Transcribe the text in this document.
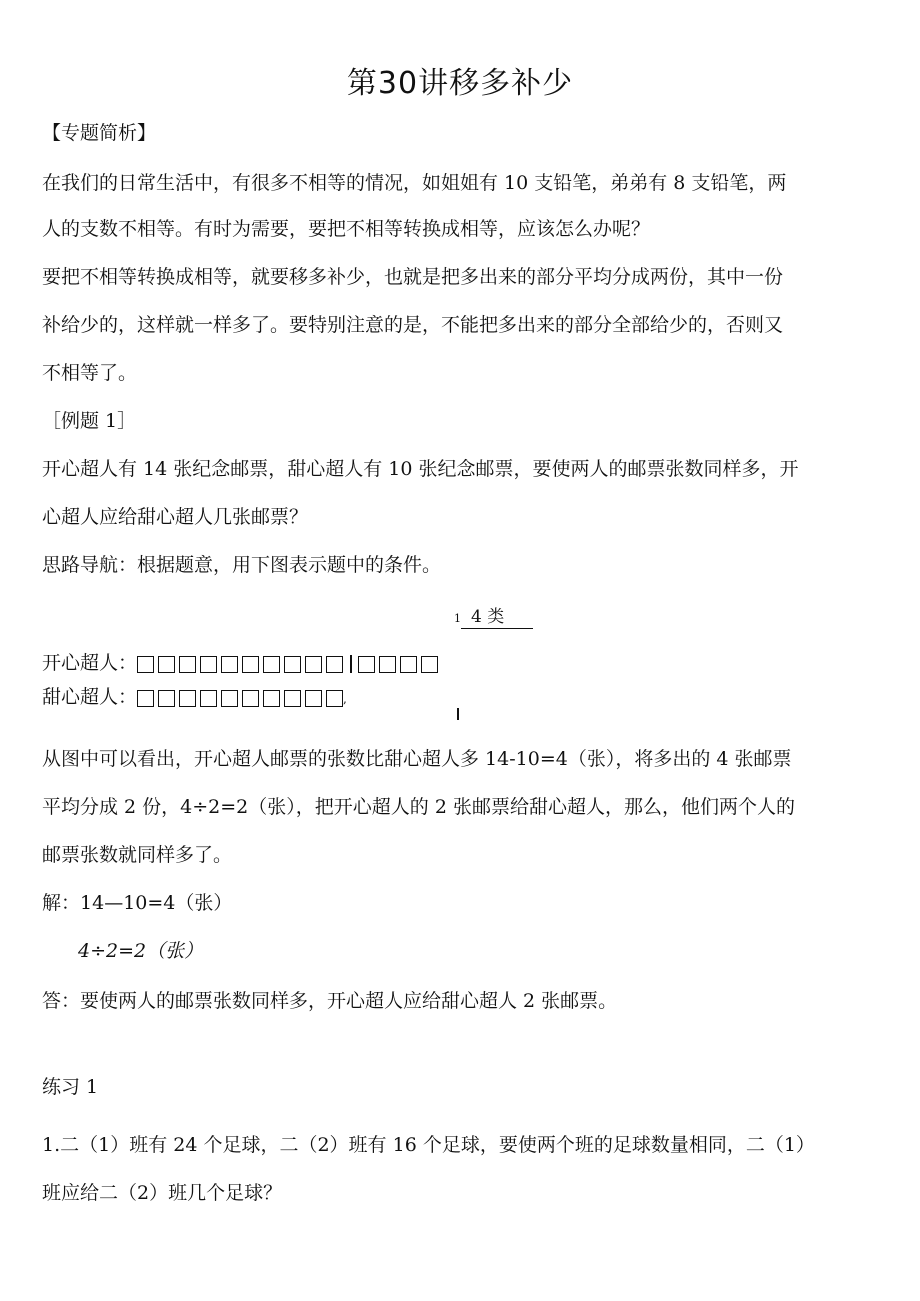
第30讲移多补少
【专题简析】
在我们的日常生活中，有很多不相等的情况，如姐姐有 10 支铅笔，弟弟有 8 支铅笔，两
人的支数不相等。有时为需要，要把不相等转换成相等，应该怎么办呢？
要把不相等转换成相等，就要移多补少，也就是把多出来的部分平均分成两份，其中一份
补给少的，这样就一样多了。要特别注意的是，不能把多出来的部分全部给少的，否则又
不相等了。
［例题 1］
开心超人有 14 张纪念邮票，甜心超人有 10 张纪念邮票，要使两人的邮票张数同样多，开
心超人应给甜心超人几张邮票？
思路导航：根据题意，用下图表示题中的条件。
1 4 类
开心超人：
甜心超人：	,
从图中可以看出，开心超人邮票的张数比甜心超人多 14-10=4（张），将多出的 4 张邮票
平均分成 2 份，4÷2=2（张），把开心超人的 2 张邮票给甜心超人，那么，他们两个人的
邮票张数就同样多了。
解：14—10=4（张）
4÷2=2（张）
答：要使两人的邮票张数同样多，开心超人应给甜心超人 2 张邮票。
练习 1
1.二（1）班有 24 个足球，二（2）班有 16 个足球，要使两个班的足球数量相同，二（1）
班应给二（2）班几个足球？
